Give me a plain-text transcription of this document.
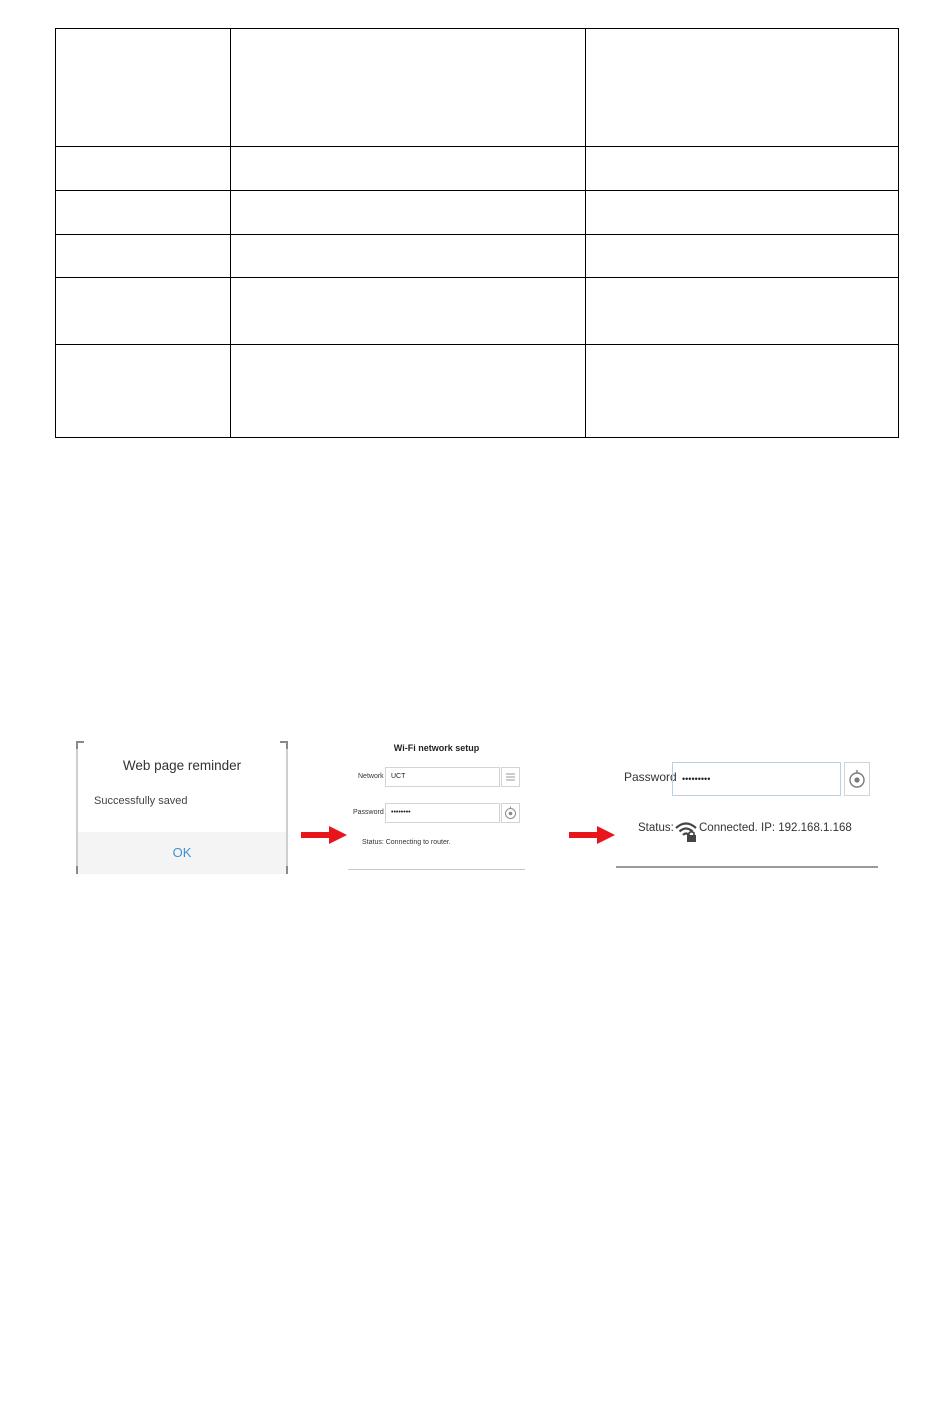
Web page reminder
Successfully saved
OK
Wi-Fi network setup
Network	UCT
Password	••••••••
Status: Connecting to router.
Password •••••••••
Status: Connected. IP: 192.168.1.168
